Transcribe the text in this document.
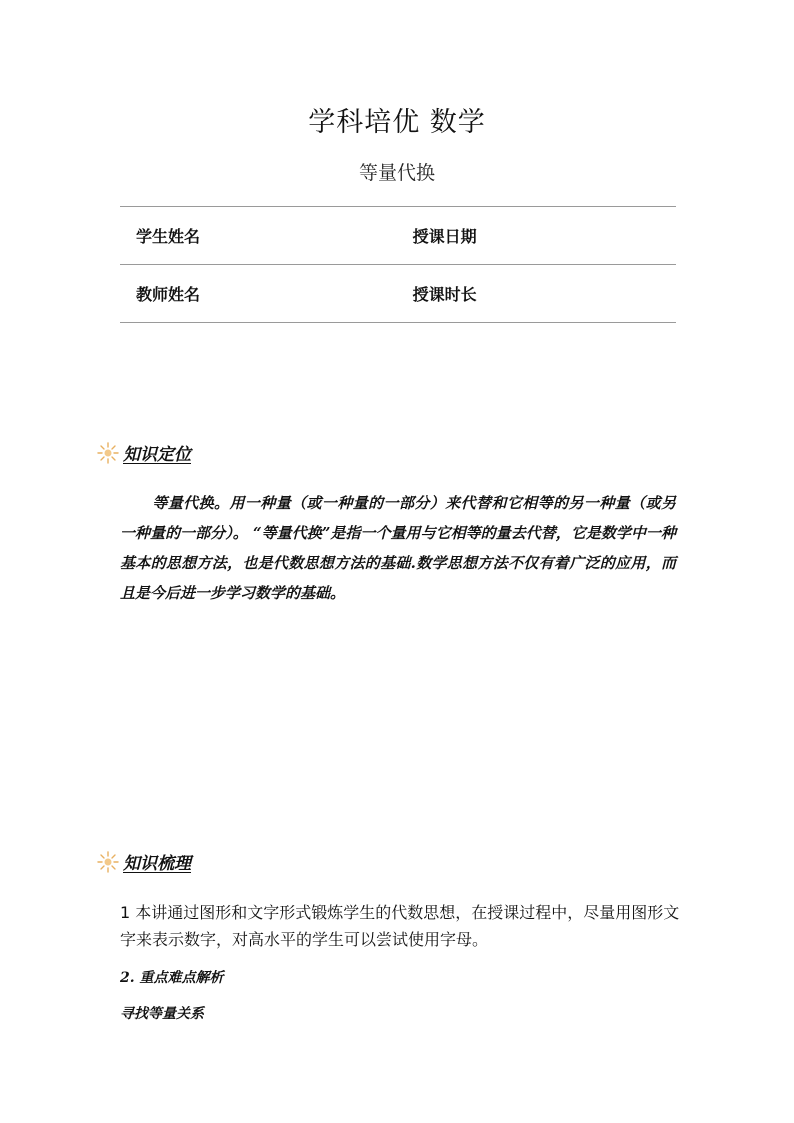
学科培优 数学
等量代换
学生姓名	授课日期
教师姓名	授课时长
知识定位
等量代换。用一种量（或一种量的一部分）来代替和它相等的另一种量（或另一种量的一部分）。 “等量代换”是指一个量用与它相等的量去代替，它是数学中一种基本的思想方法，也是代数思想方法的基础.数学思想方法不仅有着广泛的应用，而且是今后进一步学习数学的基础。
知识梳理
1 本讲通过图形和文字形式锻炼学生的代数思想，在授课过程中，尽量用图形文字来表示数字，对高水平的学生可以尝试使用字母。
2. 重点难点解析
寻找等量关系
